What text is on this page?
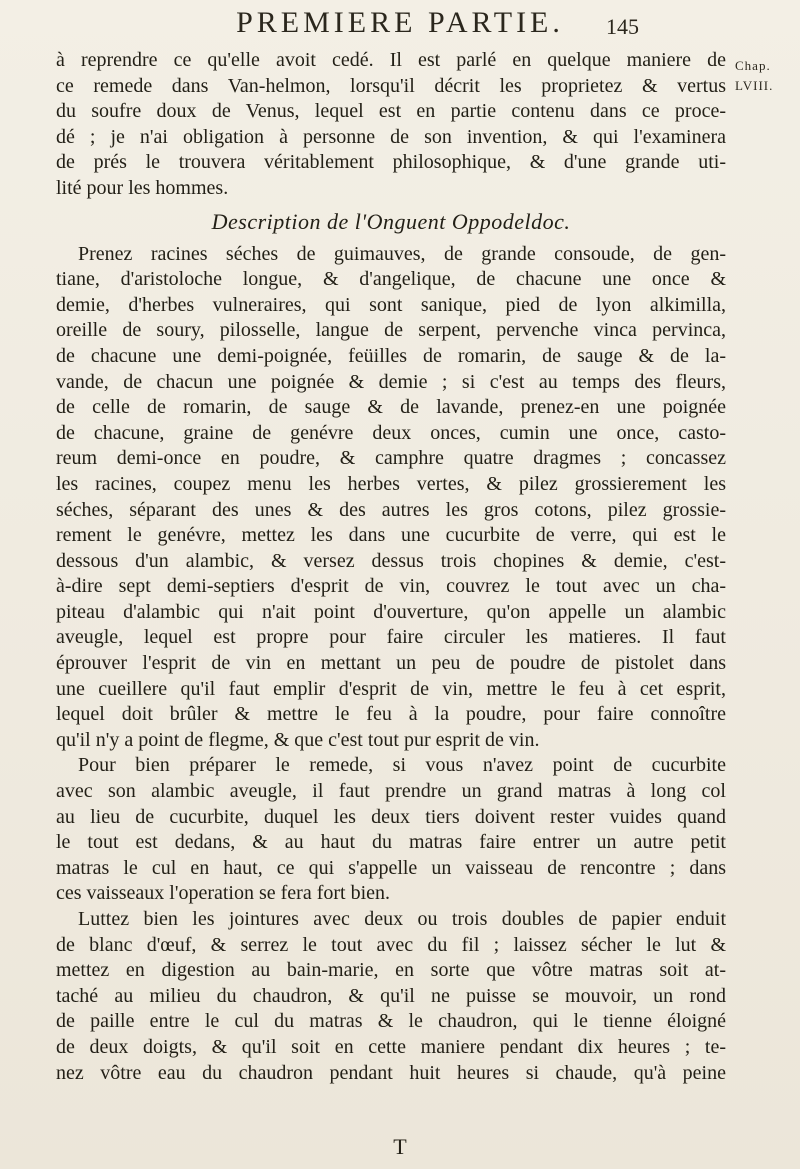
PREMIERE PARTIE.	145
Chap.
LVIII.
à reprendre ce qu'elle avoit cedé. Il est parlé en quelque maniere de
ce remede dans Van-helmon, lorsqu'il décrit les proprietez & vertus
du soufre doux de Venus, lequel est en partie contenu dans ce proce-
dé ; je n'ai obligation à personne de son invention, & qui l'examinera
de prés le trouvera véritablement philosophique, & d'une grande uti-
lité pour les hommes.
Description de l'Onguent Oppodeldoc.
Prenez racines séches de guimauves, de grande consoude, de gen-
tiane, d'aristoloche longue, & d'angelique, de chacune une once &
demie, d'herbes vulneraires, qui sont sanique, pied de lyon alkimilla,
oreille de soury, pilosselle, langue de serpent, pervenche vinca pervinca,
de chacune une demi-poignée, feüilles de romarin, de sauge & de la-
vande, de chacun une poignée & demie ; si c'est au temps des fleurs,
de celle de romarin, de sauge & de lavande, prenez-en une poignée
de chacune, graine de genévre deux onces, cumin une once, casto-
reum demi-once en poudre, & camphre quatre dragmes ; concassez
les racines, coupez menu les herbes vertes, & pilez grossierement les
séches, séparant des unes & des autres les gros cotons, pilez grossie-
rement le genévre, mettez les dans une cucurbite de verre, qui est le
dessous d'un alambic, & versez dessus trois chopines & demie, c'est-
à-dire sept demi-septiers d'esprit de vin, couvrez le tout avec un cha-
piteau d'alambic qui n'ait point d'ouverture, qu'on appelle un alambic
aveugle, lequel est propre pour faire circuler les matieres. Il faut
éprouver l'esprit de vin en mettant un peu de poudre de pistolet dans
une cueillere qu'il faut emplir d'esprit de vin, mettre le feu à cet esprit,
lequel doit brûler & mettre le feu à la poudre, pour faire connoître
qu'il n'y a point de flegme, & que c'est tout pur esprit de vin.
Pour bien préparer le remede, si vous n'avez point de cucurbite
avec son alambic aveugle, il faut prendre un grand matras à long col
au lieu de cucurbite, duquel les deux tiers doivent rester vuides quand
le tout est dedans, & au haut du matras faire entrer un autre petit
matras le cul en haut, ce qui s'appelle un vaisseau de rencontre ; dans
ces vaisseaux l'operation se fera fort bien.
Luttez bien les jointures avec deux ou trois doubles de papier enduit
de blanc d'œuf, & serrez le tout avec du fil ; laissez sécher le lut &
mettez en digestion au bain-marie, en sorte que vôtre matras soit at-
taché au milieu du chaudron, & qu'il ne puisse se mouvoir, un rond
de paille entre le cul du matras & le chaudron, qui le tienne éloigné
de deux doigts, & qu'il soit en cette maniere pendant dix heures ; te-
nez vôtre eau du chaudron pendant huit heures si chaude, qu'à peine
T
